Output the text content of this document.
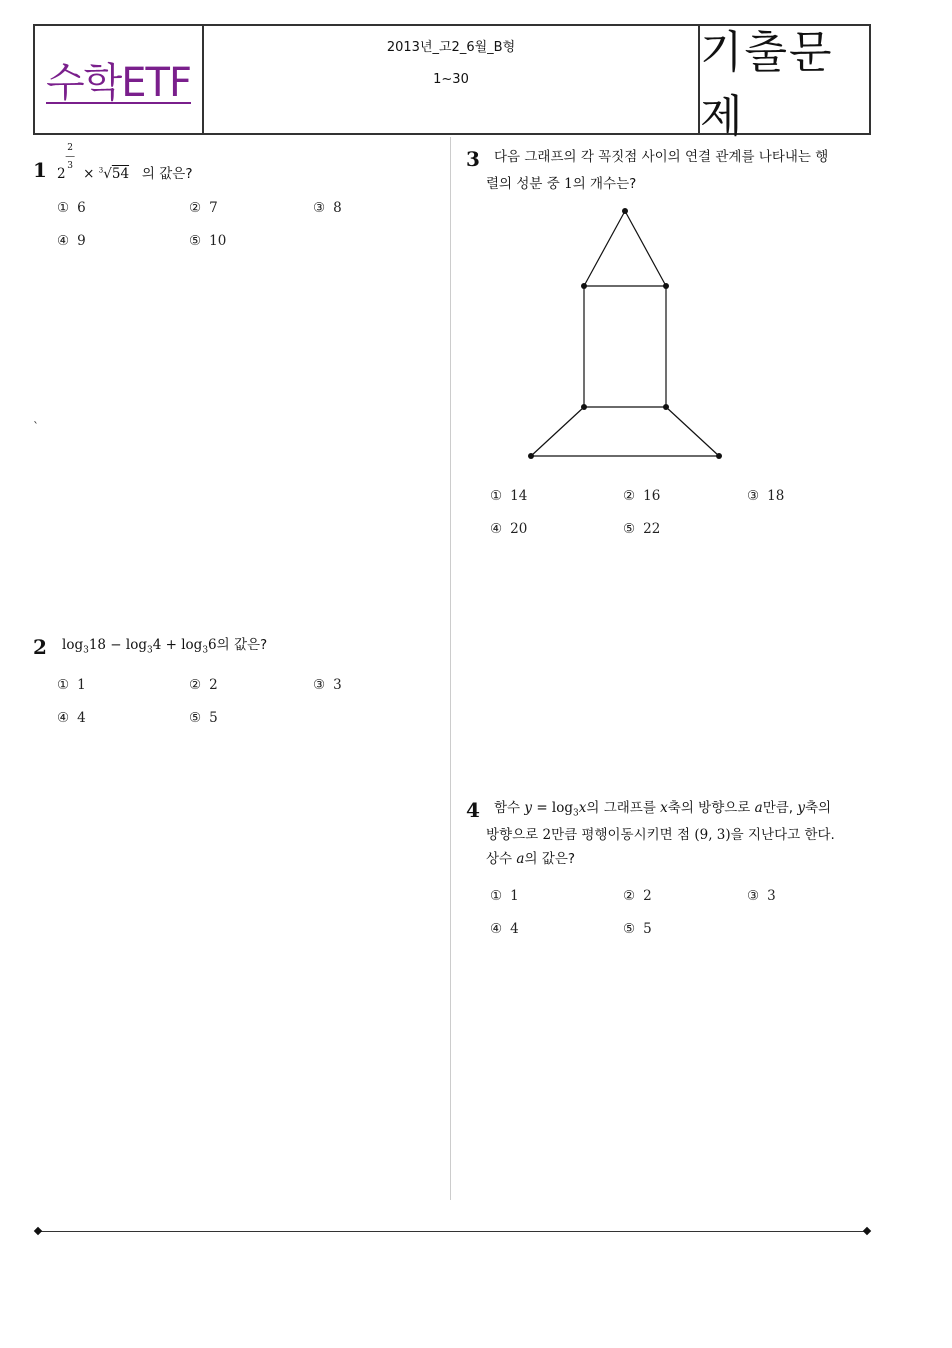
수학ETF
2013년_고2_6월_B형
1~30
기출문제
1 22
―
3  × $^3$√54 의 값은?
① 6	② 7	③ 8
④ 9	⑤ 10
`
2 $\log_318 - \log_34 + \log_36$의 값은?
① 1	② 2	③ 3
④ 4	⑤ 5
3 다음 그래프의 각 꼭짓점 사이의 연결 관계를 나타내는 행
렬의 성분 중 1의 개수는?
① 14	② 16	③ 18
④ 20	⑤ 22
4 함수 $y = \log_3x$의 그래프를 x축의 방향으로 a만큼, y축의
방향으로 2만큼 평행이동시키면 점 (9, 3)을 지난다고 한다.
상수 a의 값은?
① 1	② 2	③ 3
④ 4	⑤ 5
